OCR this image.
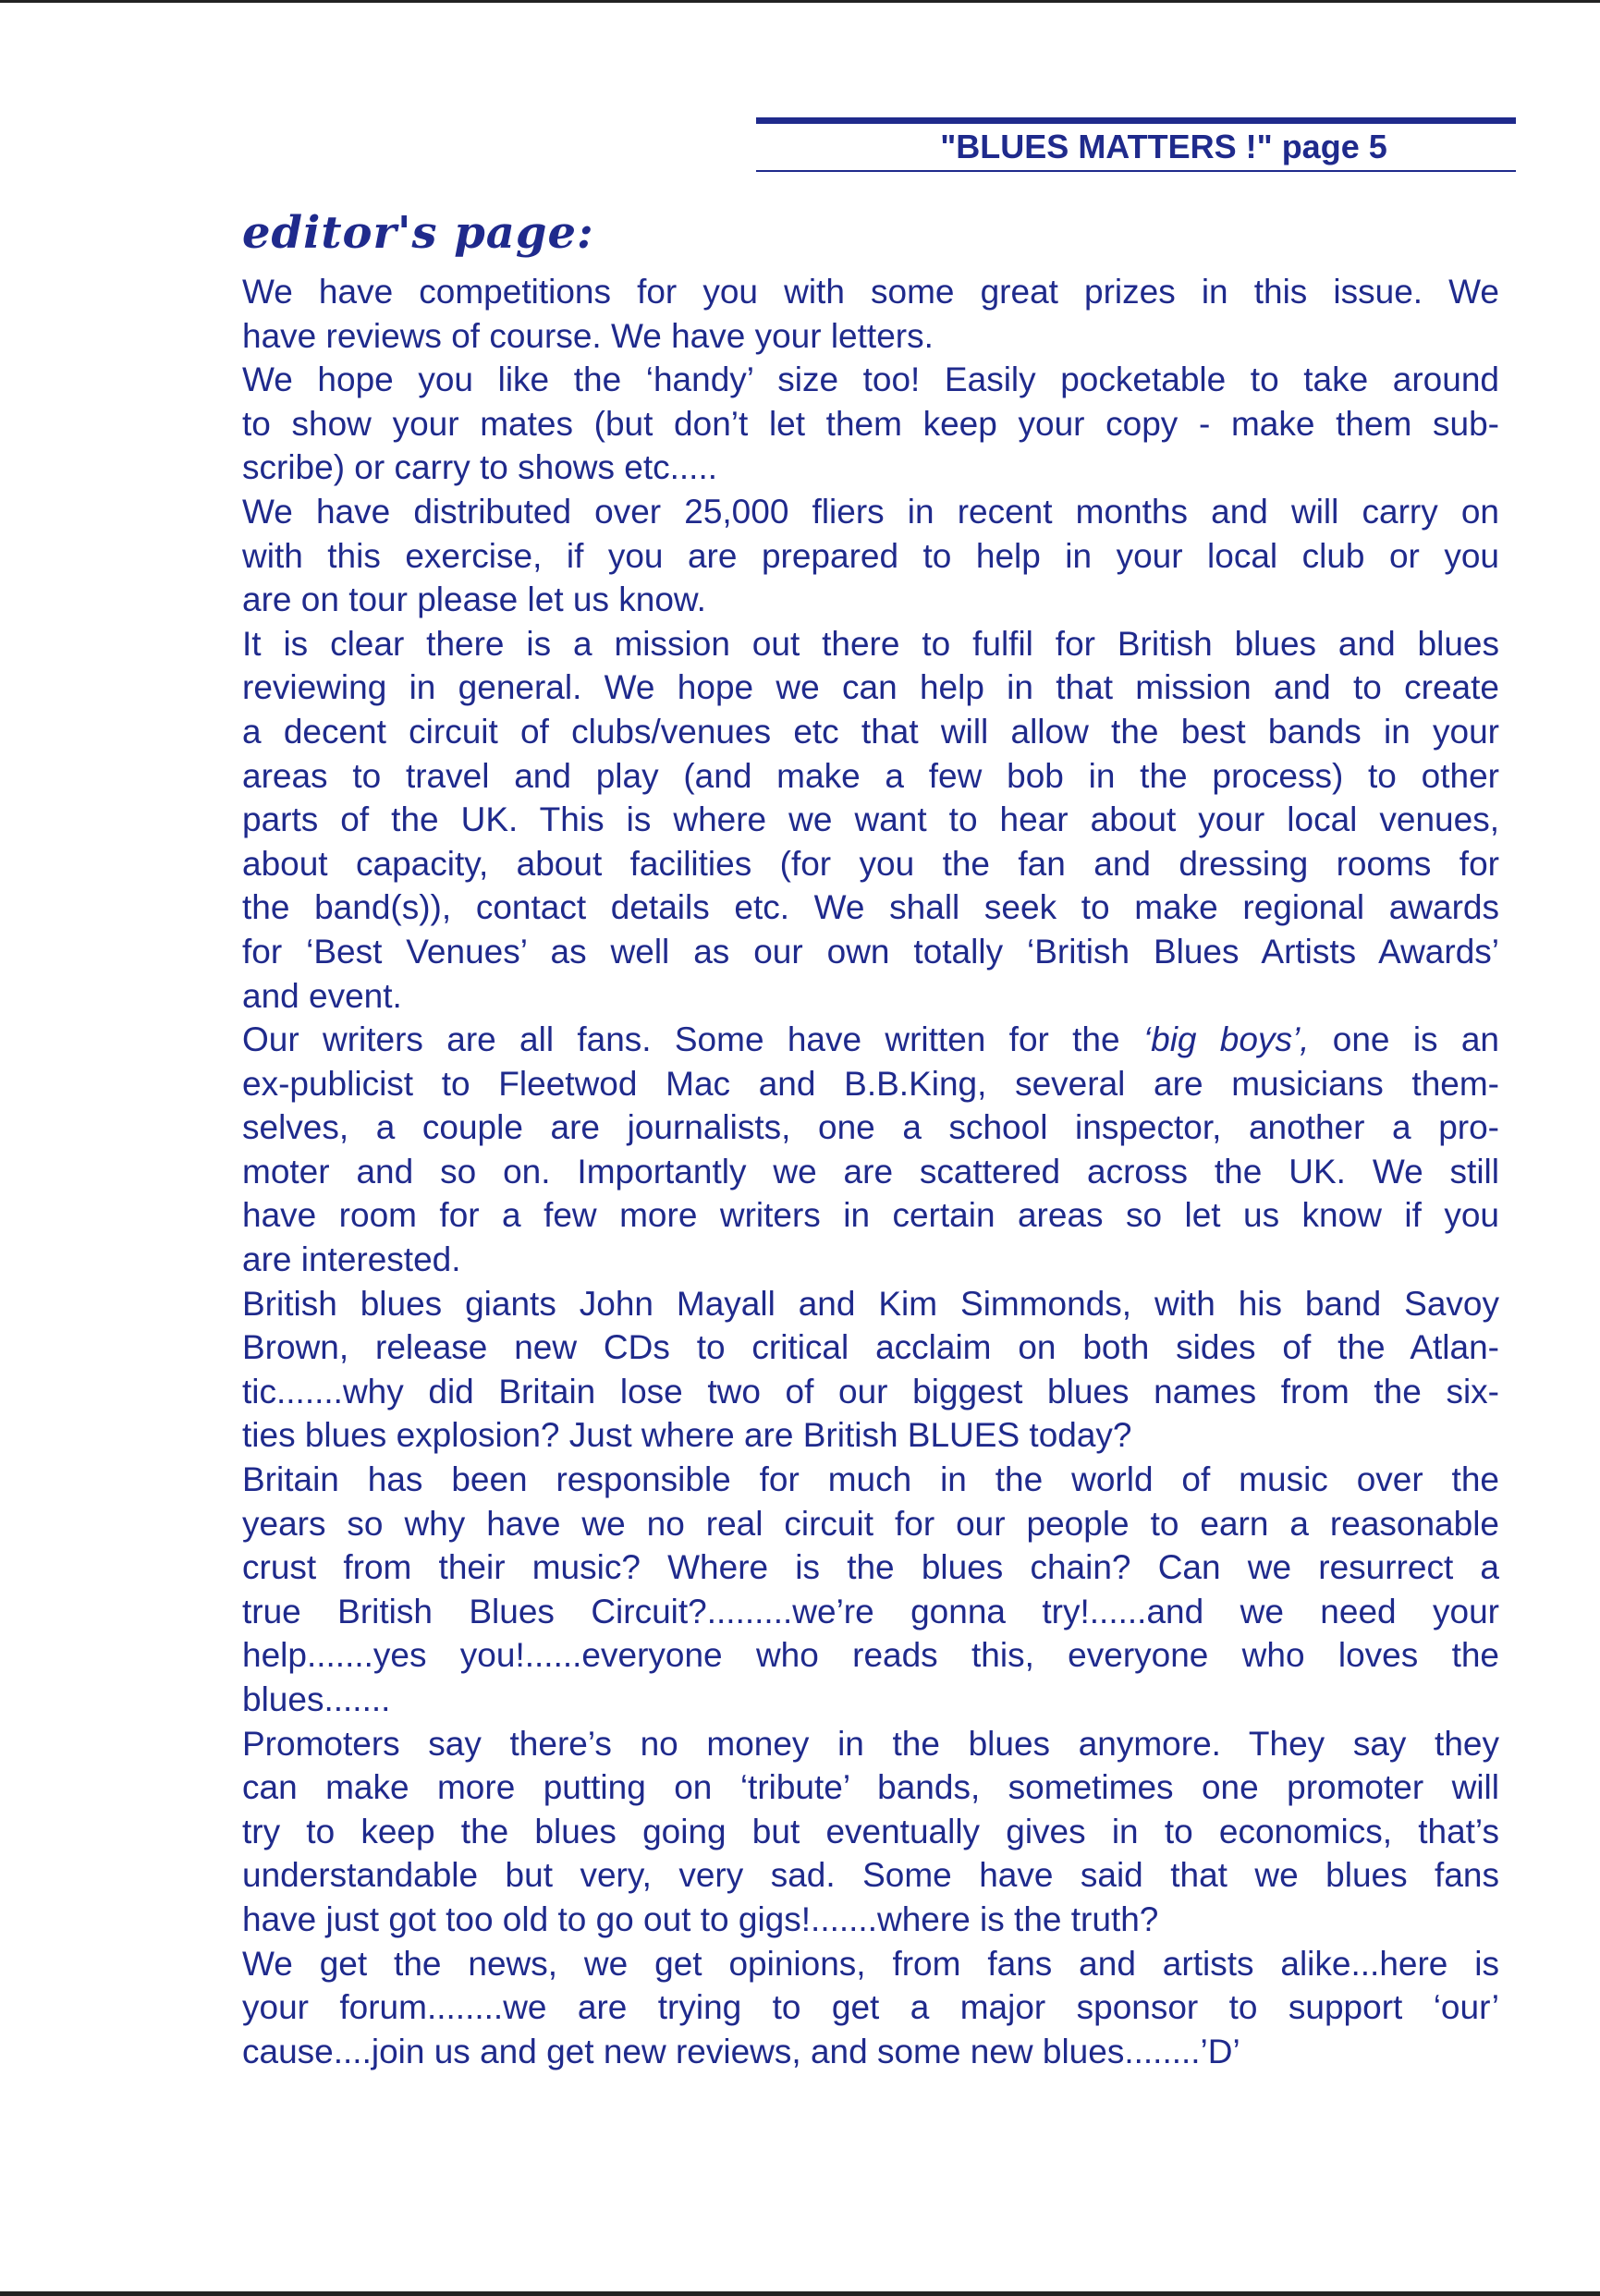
"BLUES MATTERS !" page 5
editor's page:

We have competitions for you with some great prizes in this issue. We
have reviews of course. We have your letters.

We hope you like the ‘handy’ size too! Easily pocketable to take around
to show your mates (but don’t let them keep your copy - make them sub-
scribe) or carry to shows etc.....

We have distributed over 25,000 fliers in recent months and will carry on
with this exercise, if you are prepared to help in your local club or you
are on tour please let us know.

It is clear there is a mission out there to fulfil for British blues and blues
reviewing in general. We hope we can help in that mission and to create
a decent circuit of clubs/venues etc that will allow the best bands in your
areas to travel and play (and make a few bob in the process) to other
parts of the UK. This is where we want to hear about your local venues,
about capacity, about facilities (for you the fan and dressing rooms for
the band(s)), contact details etc. We shall seek to make regional awards
for ‘Best Venues’ as well as our own totally ‘British Blues Artists Awards’
and event.

Our writers are all fans. Some have written for the ‘big boys’, one is an
ex-publicist to Fleetwod Mac and B.B.King, several are musicians them-
selves, a couple are journalists, one a school inspector, another a pro-
moter and so on. Importantly we are scattered across the UK. We still
have room for a few more writers in certain areas so let us know if you
are interested.

British blues giants John Mayall and Kim Simmonds, with his band Savoy
Brown, release new CDs to critical acclaim on both sides of the Atlan-
tic.......why did Britain lose two of our biggest blues names from the six-
ties blues explosion? Just where are British BLUES today?

Britain has been responsible for much in the world of music over the
years so why have we no real circuit for our people to earn a reasonable
crust from their music? Where is the blues chain? Can we resurrect a
true British Blues Circuit?.........we’re gonna try!......and we need your
help.......yes you!......everyone who reads this, everyone who loves the
blues.......

Promoters say there’s no money in the blues anymore. They say they
can make more putting on ‘tribute’ bands, sometimes one promoter will
try to keep the blues going but eventually gives in to economics, that’s
understandable but very, very sad. Some have said that we blues fans
have just got too old to go out to gigs!.......where is the truth?

We get the news, we get opinions, from fans and artists alike...here is
your forum........we are trying to get a major sponsor to support ‘our’
cause....join us and get new reviews, and some new blues........’D’
